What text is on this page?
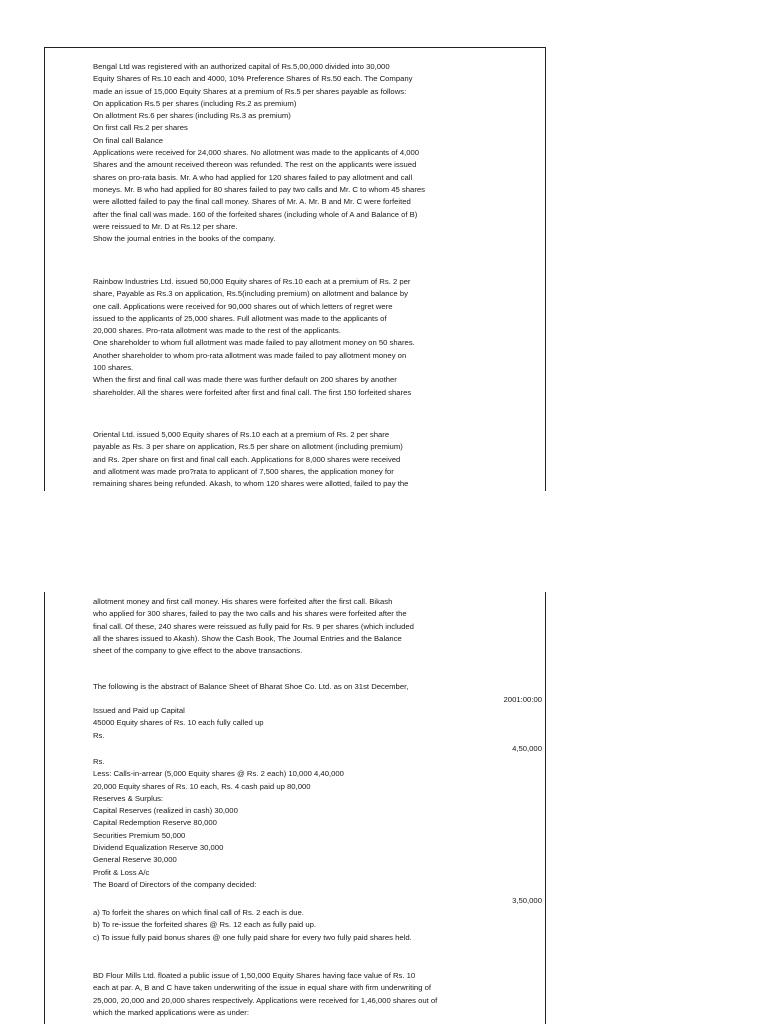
Bengal Ltd was registered with an authorized capital of Rs.5,00,000 divided into 30,000
Equity Shares of Rs.10 each and 4000, 10% Preference Shares of Rs.50 each. The Company
made an issue of 15,000 Equity Shares at a premium of Rs.5 per shares payable as follows:
On application Rs.5 per shares (including Rs.2 as premium)
On allotment Rs.6 per shares (including Rs.3 as premium)
On first call Rs.2 per shares
On final call Balance
Applications were received for 24,000 shares. No allotment was made to the applicants of 4,000
Shares and the amount received thereon was refunded. The rest on the applicants were issued
shares on pro-rata basis. Mr. A who had applied for 120 shares failed to pay allotment and call
moneys. Mr. B who had applied for 80 shares failed to pay two calls and Mr. C to whom 45 shares
were allotted failed to pay the final call money. Shares of Mr. A. Mr. B and Mr. C were forfeited
after the final call was made. 160 of the forfeited shares (including whole of A and Balance of B)
were reissued to Mr. D at Rs.12 per share.
Show the journal entries in the books of the company.
Rainbow Industries Ltd. issued 50,000 Equity shares of Rs.10 each at a premium of Rs. 2 per
share, Payable as Rs.3 on application, Rs.5(including premium) on allotment and balance by
one call. Applications were received for 90,000 shares out of which letters of regret were
issued to the applicants of 25,000 shares. Full allotment was made to the applicants of
20,000 shares. Pro-rata allotment was made to the rest of the applicants.
One shareholder to whom full allotment was made failed to pay allotment money on 50 shares.
Another shareholder to whom pro-rata allotment was made failed to pay allotment money on
100 shares.
When the first and final call was made there was further default on 200 shares by another
shareholder. All the shares were forfeited after first and final call. The first 150 forfeited shares
Oriental Ltd. issued 5,000 Equity shares of Rs.10 each at a premium of Rs. 2 per share
payable as Rs. 3 per share on application, Rs.5 per share on allotment (including premium)
and Rs. 2per share on first and final call each. Applications for 8,000 shares were received
and allotment was made pro?rata to applicant of 7,500 shares, the application money for
remaining shares being refunded. Akash, to whom 120 shares were allotted, failed to pay the
allotment money and first call money. His shares were forfeited after the first call. Bikash
who applied for 300 shares, failed to pay the two calls and his shares were forfeited after the
final call. Of these, 240 shares were reissued as fully paid for Rs. 9 per shares (which included
all the shares issued to Akash). Show the Cash Book, The Journal Entries and the Balance
sheet of the company to give effect to the above transactions.
The following is the abstract of Balance Sheet of Bharat Shoe Co. Ltd. as on 31st December,
2001:00:00
Issued and Paid up Capital
45000 Equity shares of Rs. 10 each fully called up
Rs.
4,50,000
Rs.
Less: Calls-in-arrear (5,000 Equity shares @ Rs. 2 each) 10,000 4,40,000
20,000 Equity shares of Rs. 10 each, Rs. 4 cash paid up 80,000
Reserves & Surplus:
Capital Reserves (realized in cash) 30,000
Capital Redemption Reserve 80,000
Securities Premium 50,000
Dividend Equalization Reserve 30,000
General Reserve 30,000
Profit & Loss A/c
The Board of Directors of the company decided:
3,50,000
a) To forfeit the shares on which final call of Rs. 2 each is due.
b) To re-issue the forfeited shares @ Rs. 12 each as fully paid up.
c) To issue fully paid bonus shares @ one fully paid share for every two fully paid shares held.
BD Flour Mills Ltd. floated a public issue of 1,50,000 Equity Shares having face value of Rs. 10
each at par. A, B and C have taken underwriting of the issue in equal share with firm underwriting of
25,000, 20,000 and 20,000 shares respectively. Applications were received for 1,46,000 shares out of
which the marked applications were as under:
